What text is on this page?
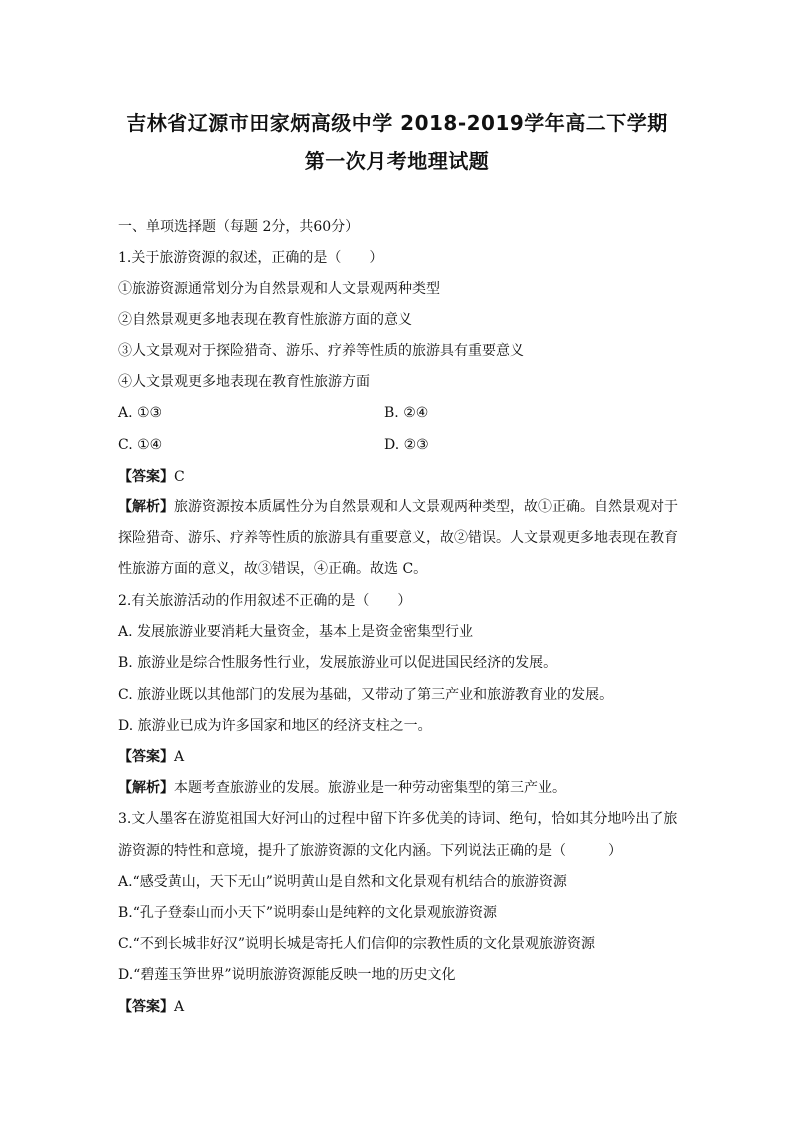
吉林省辽源市田家炳高级中学 2018-2019学年高二下学期
第一次月考地理试题
一、单项选择题（每题 2分，共60分）
1.关于旅游资源的叙述，正确的是（　　）
①旅游资源通常划分为自然景观和人文景观两种类型
②自然景观更多地表现在教育性旅游方面的意义
③人文景观对于探险猎奇、游乐、疗养等性质的旅游具有重要意义
④人文景观更多地表现在教育性旅游方面
A. ①③	B. ②④
C. ①④	D. ②③
【答案】C
【解析】旅游资源按本质属性分为自然景观和人文景观两种类型，故①正确。自然景观对于
探险猎奇、游乐、疗养等性质的旅游具有重要意义，故②错误。人文景观更多地表现在教育
性旅游方面的意义，故③错误，④正确。故选 C。
2.有关旅游活动的作用叙述不正确的是（　　）
A. 发展旅游业要消耗大量资金，基本上是资金密集型行业
B. 旅游业是综合性服务性行业，发展旅游业可以促进国民经济的发展。
C. 旅游业既以其他部门的发展为基础，又带动了第三产业和旅游教育业的发展。
D. 旅游业已成为许多国家和地区的经济支柱之一。
【答案】A
【解析】本题考查旅游业的发展。旅游业是一种劳动密集型的第三产业。
3.文人墨客在游览祖国大好河山的过程中留下许多优美的诗词、绝句，恰如其分地吟出了旅
游资源的特性和意境，提升了旅游资源的文化内涵。下列说法正确的是（　　　）
A.“感受黄山，天下无山”说明黄山是自然和文化景观有机结合的旅游资源
B.“孔子登泰山而小天下”说明泰山是纯粹的文化景观旅游资源
C.“不到长城非好汉”说明长城是寄托人们信仰的宗教性质的文化景观旅游资源
D.“碧莲玉笋世界”说明旅游资源能反映一地的历史文化
【答案】A
